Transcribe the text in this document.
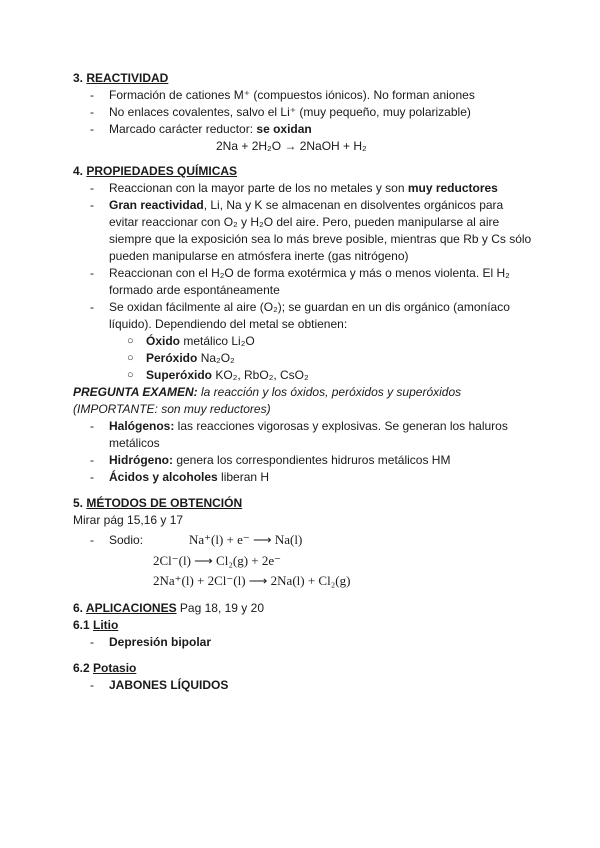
3. REACTIVIDAD

- Formación de cationes M⁺ (compuestos iónicos). No forman aniones
- No enlaces covalentes, salvo el Li⁺ (muy pequeño, muy polarizable)
- Marcado carácter reductor: se oxidan
2Na + 2H₂O → 2NaOH + H₂

4. PROPIEDADES QUÍMICAS

- Reaccionan con la mayor parte de los no metales y son muy reductores
- Gran reactividad, Li, Na y K se almacenan en disolventes orgánicos para evitar reaccionar con O₂ y H₂O del aire. Pero, pueden manipularse al aire siempre que la exposición sea lo más breve posible, mientras que Rb y Cs sólo pueden manipularse en atmósfera inerte (gas nitrógeno)
- Reaccionan con el H₂O de forma exotérmica y más o menos violenta. El H₂ formado arde espontáneamente
- Se oxidan fácilmente al aire (O₂); se guardan en un dis orgánico (amoníaco líquido). Dependiendo del metal se obtienen:
○ Óxido metálico Li₂O
○ Peróxido Na₂O₂
○ Superóxido KO₂, RbO₂, CsO₂
PREGUNTA EXAMEN: la reacción y los óxidos, peróxidos y superóxidos (IMPORTANTE: son muy reductores)
- Halógenos: las reacciones vigorosas y explosivas. Se generan los haluros metálicos
- Hidrógeno: genera los correspondientes hidruros metálicos HM
- Ácidos y alcoholes liberan H

5. MÉTODOS DE OBTENCIÓN

Mirar pág 15,16 y 17

- Sodio:	Na⁺(l) + e⁻ ⟶ Na(l)
2Cl⁻(l) ⟶ Cl₂(g) + 2e⁻
2Na⁺(l) + 2Cl⁻(l) ⟶ 2Na(l) + Cl₂(g)

6. APLICACIONES Pag 18, 19 y 20

6.1 Litio

- Depresión bipolar

6.2 Potasio

- JABONES LÍQUIDOS
